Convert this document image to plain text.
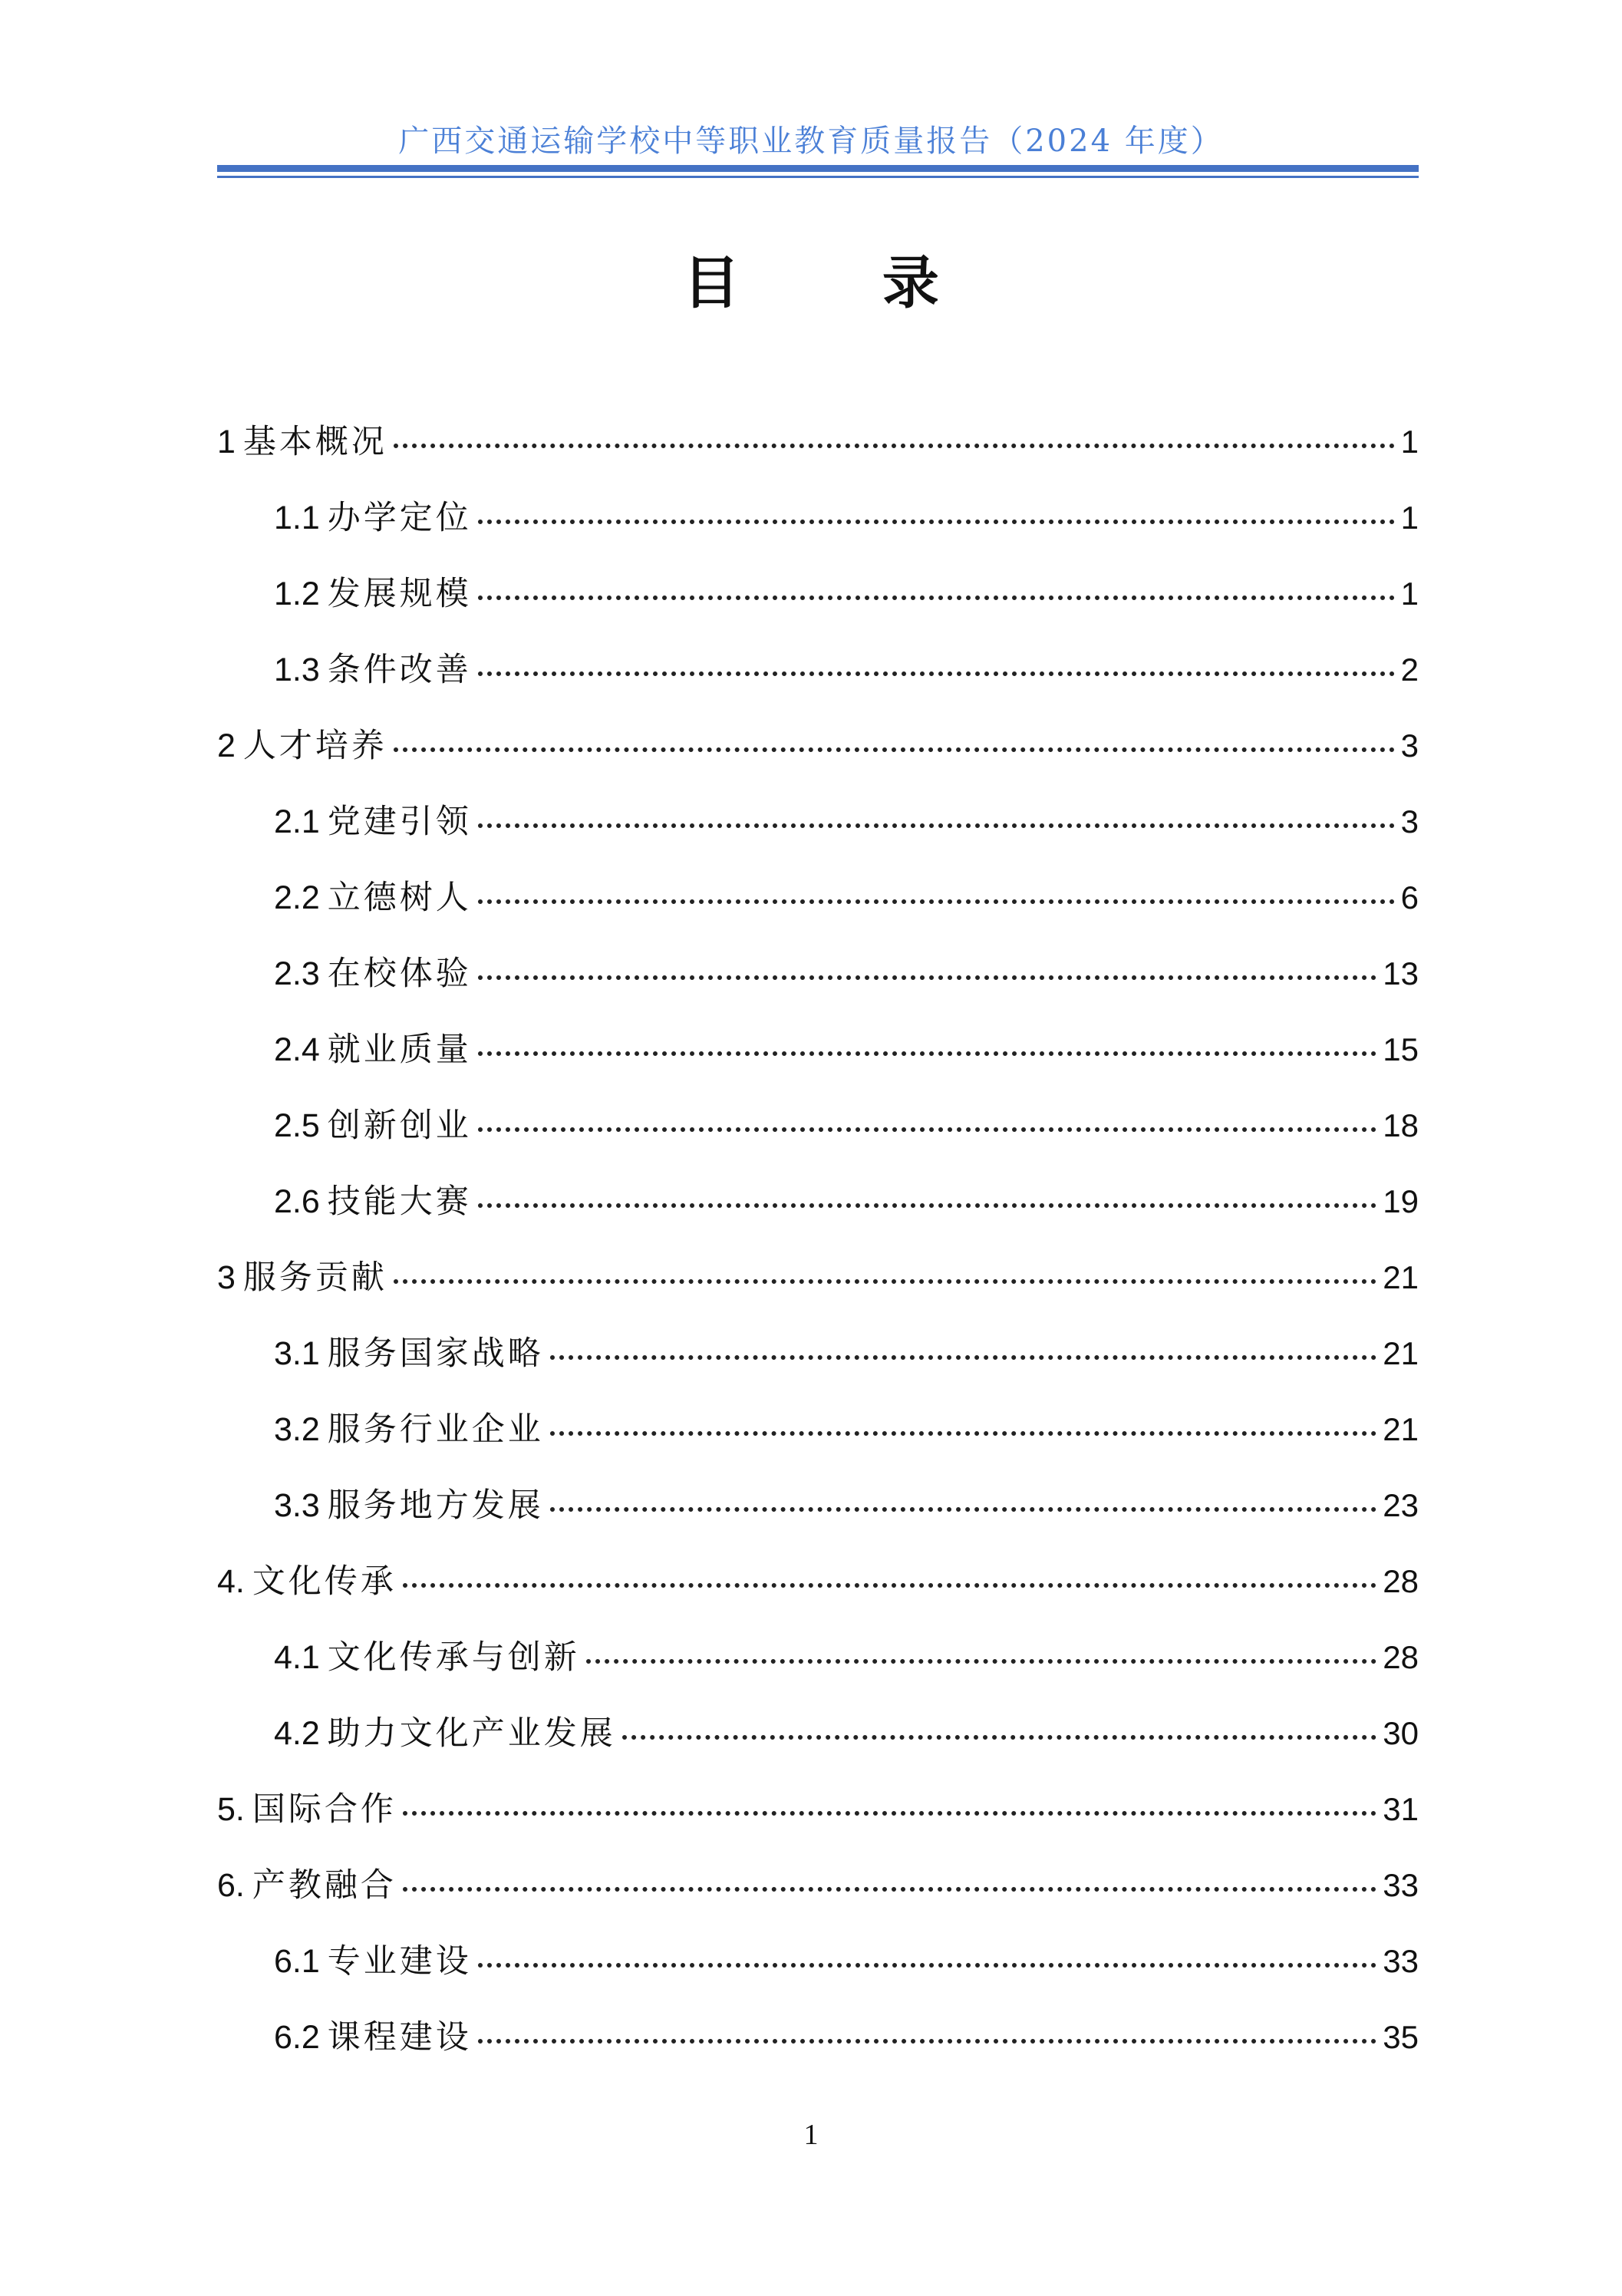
广西交通运输学校中等职业教育质量报告（2024 年度）
目 录
1 基本概况	1
1.1 办学定位	1
1.2 发展规模	1
1.3 条件改善	2
2 人才培养	3
2.1 党建引领	3
2.2 立德树人	6
2.3 在校体验	13
2.4 就业质量	15
2.5 创新创业	18
2.6 技能大赛	19
3 服务贡献	21
3.1 服务国家战略	21
3.2 服务行业企业	21
3.3 服务地方发展	23
4. 文化传承	28
4.1 文化传承与创新	28
4.2 助力文化产业发展	30
5. 国际合作	31
6. 产教融合	33
6.1 专业建设	33
6.2 课程建设	35
1
